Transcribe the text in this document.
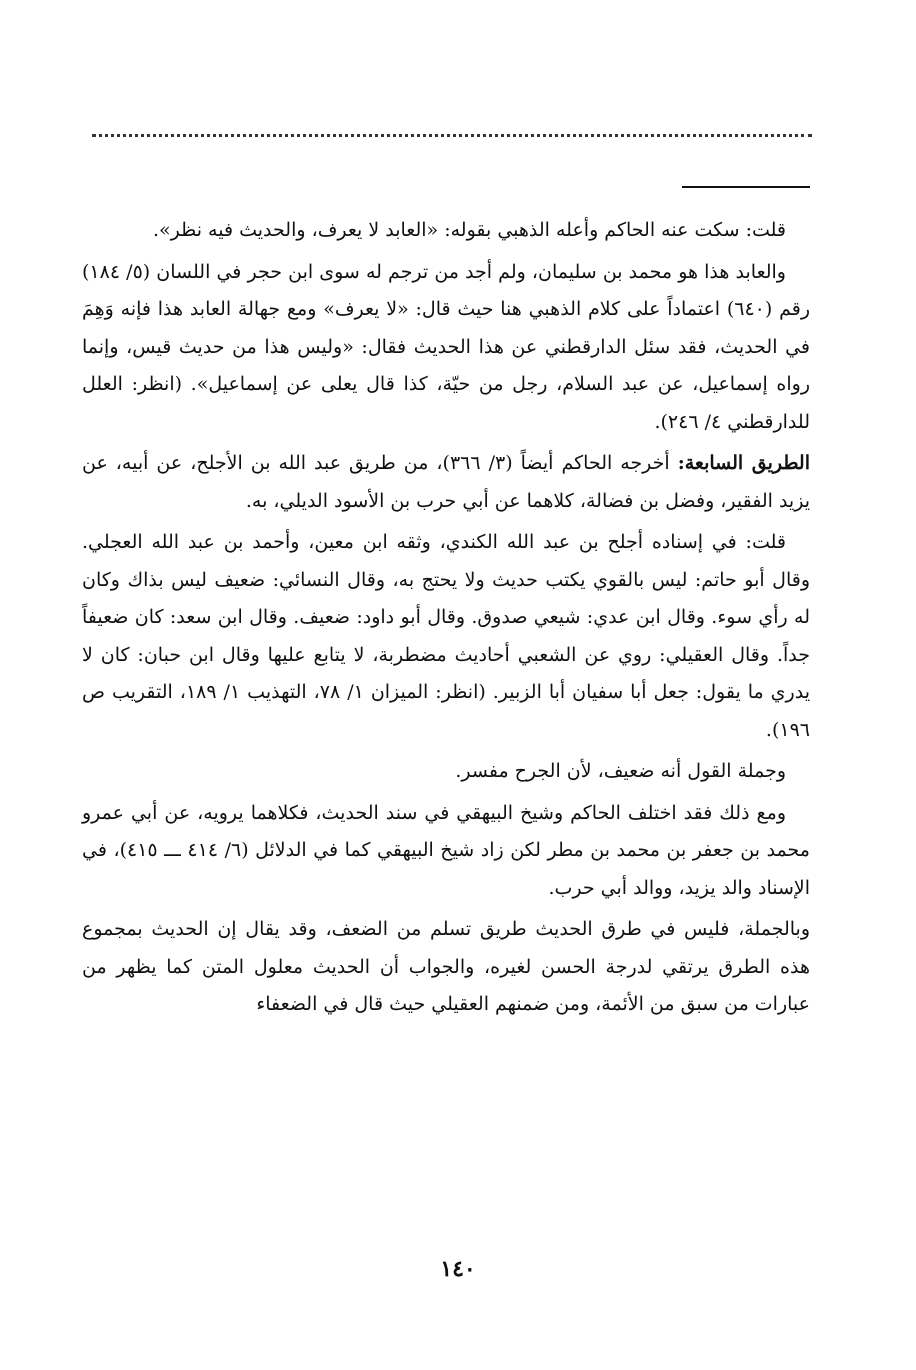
قلت: سكت عنه الحاكم وأعله الذهبي بقوله: «العابد لا يعرف، والحديث فيه نظر».

والعابد هذا هو محمد بن سليمان، ولم أجد من ترجم له سوى ابن حجر في اللسان (٥/ ١٨٤) رقم (٦٤٠) اعتماداً على كلام الذهبي هنا حيث قال: «لا يعرف» ومع جهالة العابد هذا فإنه وَهِمَ في الحديث، فقد سئل الدارقطني عن هذا الحديث فقال: «وليس هذا من حديث قيس، وإنما رواه إسماعيل، عن عبد السلام، رجل من حيّة، كذا قال يعلى عن إسماعيل». (انظر: العلل للدارقطني ٤/ ٢٤٦).

الطريق السابعة: أخرجه الحاكم أيضاً (٣/ ٣٦٦)، من طريق عبد الله بن الأجلح، عن أبيه، عن يزيد الفقير، وفضل بن فضالة، كلاهما عن أبي حرب بن الأسود الديلي، به.

قلت: في إسناده أجلح بن عبد الله الكندي، وثقه ابن معين، وأحمد بن عبد الله العجلي. وقال أبو حاتم: ليس بالقوي يكتب حديث ولا يحتج به، وقال النسائي: ضعيف ليس بذاك وكان له رأي سوء. وقال ابن عدي: شيعي صدوق. وقال أبو داود: ضعيف. وقال ابن سعد: كان ضعيفاً جداً. وقال العقيلي: روي عن الشعبي أحاديث مضطربة، لا يتابع عليها وقال ابن حبان: كان لا يدري ما يقول: جعل أبا سفيان أبا الزبير. (انظر: الميزان ١/ ٧٨، التهذيب ١/ ١٨٩، التقريب ص ١٩٦).

وجملة القول أنه ضعيف، لأن الجرح مفسر.

ومع ذلك فقد اختلف الحاكم وشيخ البيهقي في سند الحديث، فكلاهما يرويه، عن أبي عمرو محمد بن جعفر بن محمد بن مطر لكن زاد شيخ البيهقي كما في الدلائل (٦/ ٤١٤ ـــ ٤١٥)، في الإسناد والد يزيد، ووالد أبي حرب.

وبالجملة، فليس في طرق الحديث طريق تسلم من الضعف، وقد يقال إن الحديث بمجموع هذه الطرق يرتقي لدرجة الحسن لغيره، والجواب أن الحديث معلول المتن كما يظهر من عبارات من سبق من الأئمة، ومن ضمنهم العقيلي حيث قال في الضعفاء

١٤٠
